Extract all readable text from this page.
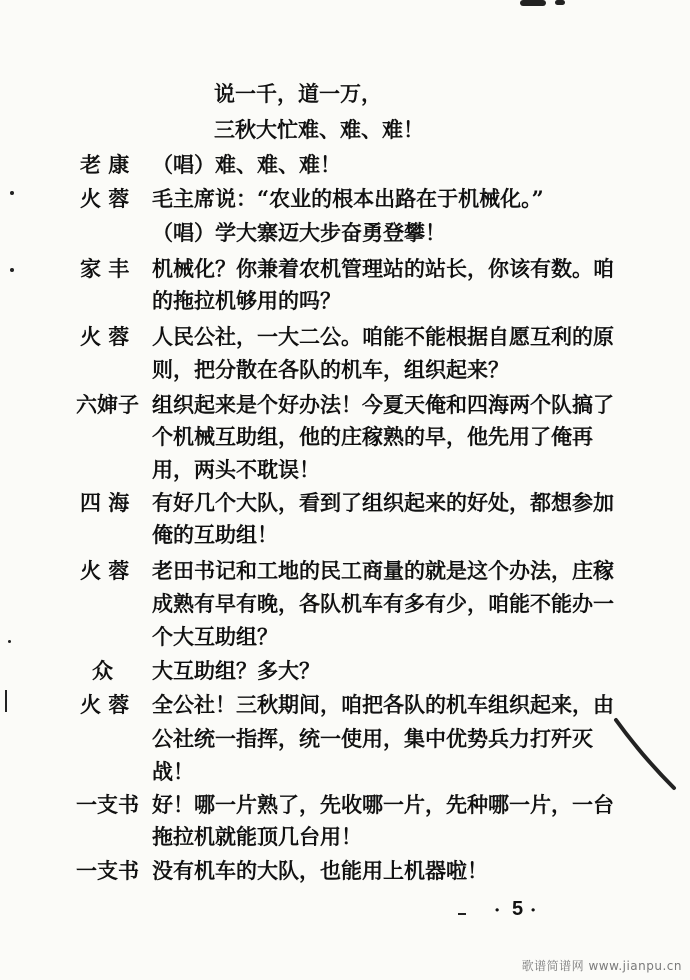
说一千，道一万，
三秋大忙难、难、难！
老 康 （唱）难、难、难！
火 蓉 毛主席说：“农业的根本出路在于机械化。”
（唱）学大寨迈大步奋勇登攀！
家 丰 机械化？你兼着农机管理站的站长，你该有数。咱
的拖拉机够用的吗？
火 蓉 人民公社，一大二公。咱能不能根据自愿互利的原
则，把分散在各队的机车，组织起来？
六婶子 组织起来是个好办法！今夏天俺和四海两个队搞了
个机械互助组，他的庄稼熟的早，他先用了俺再
用，两头不耽误！
四 海 有好几个大队，看到了组织起来的好处，都想参加
俺的互助组！
火 蓉 老田书记和工地的民工商量的就是这个办法，庄稼
成熟有早有晚，各队机车有多有少，咱能不能办一
个大互助组？
众 大互助组？多大？
火 蓉 全公社！三秋期间，咱把各队的机车组织起来，由
公社统一指挥，统一使用，集中优势兵力打歼灭
战！
一支书 好！哪一片熟了，先收哪一片，先种哪一片，一台
拖拉机就能顶几台用！
一支书 没有机车的大队，也能用上机器啦！
· 5 ·
歌谱简谱网 www.jianpu.cn
